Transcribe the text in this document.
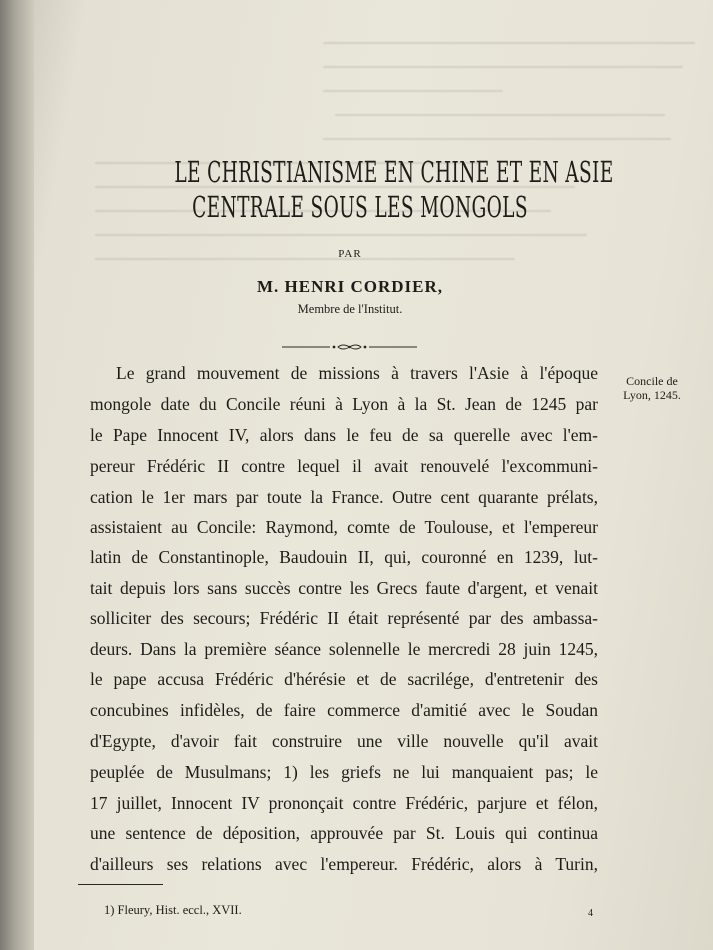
LE CHRISTIANISME EN CHINE ET EN ASIE
CENTRALE SOUS LES MONGOLS
PAR
M. HENRI CORDIER,
Membre de l'Institut.
Concile de
Lyon, 1245.
Le grand mouvement de missions à travers l'Asie à l'époque
mongole date du Concile réuni à Lyon à la St. Jean de 1245 par
le Pape Innocent IV, alors dans le feu de sa querelle avec l'em-
pereur Frédéric II contre lequel il avait renouvelé l'excommuni-
cation le 1er mars par toute la France. Outre cent quarante prélats,
assistaient au Concile: Raymond, comte de Toulouse, et l'empereur
latin de Constantinople, Baudouin II, qui, couronné en 1239, lut-
tait depuis lors sans succès contre les Grecs faute d'argent, et venait
solliciter des secours; Frédéric II était représenté par des ambassa-
deurs. Dans la première séance solennelle le mercredi 28 juin 1245,
le pape accusa Frédéric d'hérésie et de sacrilége, d'entretenir des
concubines infidèles, de faire commerce d'amitié avec le Soudan
d'Egypte, d'avoir fait construire une ville nouvelle qu'il avait
peuplée de Musulmans; 1) les griefs ne lui manquaient pas; le
17 juillet, Innocent IV prononçait contre Frédéric, parjure et félon,
une sentence de déposition, approuvée par St. Louis qui continua
d'ailleurs ses relations avec l'empereur. Frédéric, alors à Turin,
1) Fleury, Hist. eccl., XVII.	4
